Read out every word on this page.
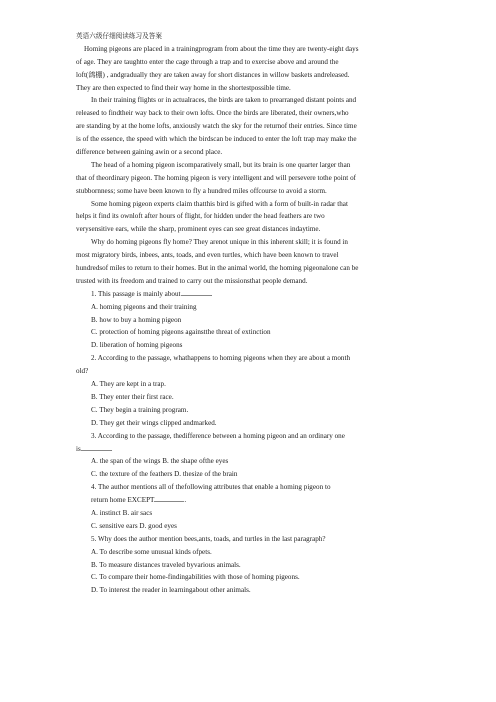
英语六级仔细阅读练习及答案
Homing pigeons are placed in a trainingprogram from about the time they are twenty-eight days
of age. They are taughtto enter the cage through a trap and to exercise above and around the
loft(鸽棚) , andgradually they are taken away for short distances in willow baskets andreleased.
They are then expected to find their way home in the shortestpossible time.
In their training flights or in actualraces, the birds are taken to prearranged distant points and
released to findtheir way back to their own lofts. Once the birds are liberated, their owners,who
are standing by at the home lofts, anxiously watch the sky for the returnof their entries. Since time
is of the essence, the speed with which the birdscan be induced to enter the loft trap may make the
difference between gaining awin or a second place.
The head of a homing pigeon iscomparatively small, but its brain is one quarter larger than
that of theordinary pigeon. The homing pigeon is very intelligent and will persevere tothe point of
stubbornness; some have been known to fly a hundred miles offcourse to avoid a storm.
Some homing pigeon experts claim thatthis bird is gifted with a form of built-in radar that
helps it find its ownloft after hours of flight, for hidden under the head feathers are two
verysensitive ears, while the sharp, prominent eyes can see great distances indaytime.
Why do homing pigeons fly home? They arenot unique in this inherent skill; it is found in
most migratory birds, inbees, ants, toads, and even turtles, which have been known to travel
hundredsof miles to return to their homes. But in the animal world, the homing pigeonalone can be
trusted with its freedom and trained to carry out the missionsthat people demand.
1. This passage is mainly about	.
A. homing pigeons and their training
B. how to buy a homing pigeon
C. protection of homing pigeons againstthe threat of extinction
D. liberation of homing pigeons
2. According to the passage, whathappens to homing pigeons when they are about a month
old?
A. They are kept in a trap.
B. They enter their first race.
C. They begin a training program.
D. They get their wings clipped andmarked.
3. According to the passage, thedifference between a homing pigeon and an ordinary one
is	.
A. the span of the wings B. the shape ofthe eyes
C. the texture of the feathers D. thesize of the brain
4. The author mentions all of thefollowing attributes that enable a homing pigeon to
return home EXCEPT	.
A. instinct B. air sacs
C. sensitive ears D. good eyes
5. Why does the author mention bees,ants, toads, and turtles in the last paragraph?
A. To describe some unusual kinds ofpets.
B. To measure distances traveled byvarious animals.
C. To compare their home-findingabilities with those of homing pigeons.
D. To interest the reader in learningabout other animals.
